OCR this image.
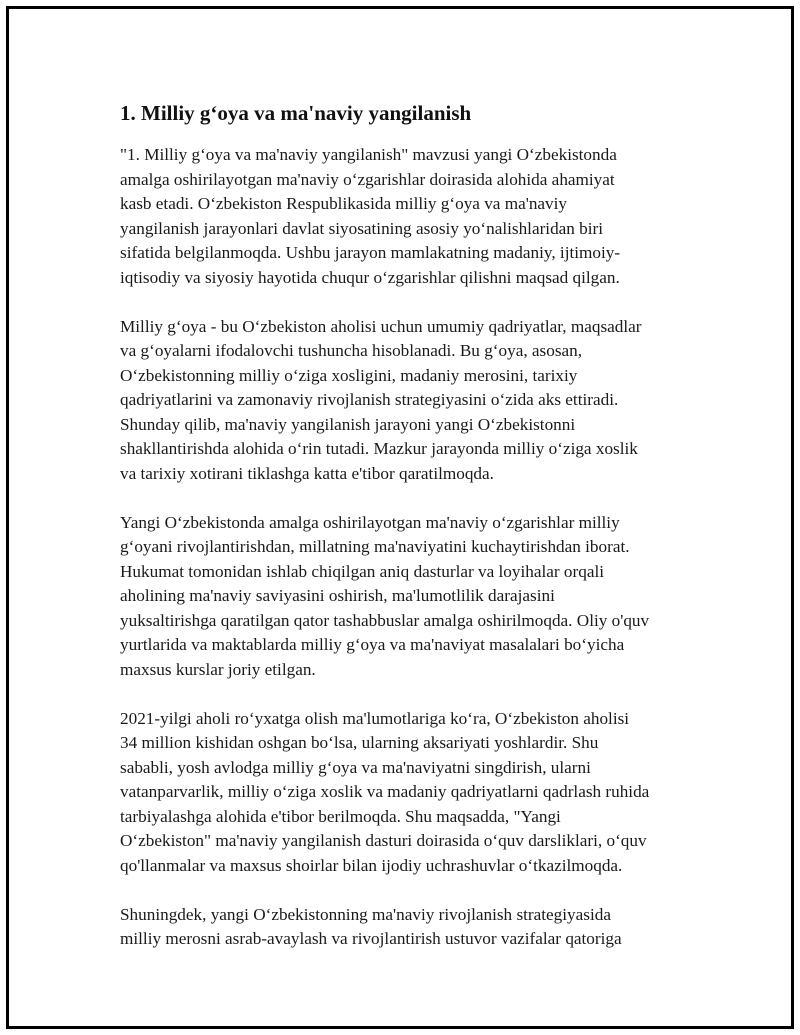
1. Milliy g‘oya va ma'naviy yangilanish

"1. Milliy g‘oya va ma'naviy yangilanish" mavzusi yangi O‘zbekistonda
amalga oshirilayotgan ma'naviy o‘zgarishlar doirasida alohida ahamiyat
kasb etadi. O‘zbekiston Respublikasida milliy g‘oya va ma'naviy
yangilanish jarayonlari davlat siyosatining asosiy yo‘nalishlaridan biri
sifatida belgilanmoqda. Ushbu jarayon mamlakatning madaniy, ijtimoiy-
iqtisodiy va siyosiy hayotida chuqur o‘zgarishlar qilishni maqsad qilgan.

Milliy g‘oya - bu O‘zbekiston aholisi uchun umumiy qadriyatlar, maqsadlar
va g‘oyalarni ifodalovchi tushuncha hisoblanadi. Bu g‘oya, asosan,
O‘zbekistonning milliy o‘ziga xosligini, madaniy merosini, tarixiy
qadriyatlarini va zamonaviy rivojlanish strategiyasini o‘zida aks ettiradi.
Shunday qilib, ma'naviy yangilanish jarayoni yangi O‘zbekistonni
shakllantirishda alohida o‘rin tutadi. Mazkur jarayonda milliy o‘ziga xoslik
va tarixiy xotirani tiklashga katta e'tibor qaratilmoqda.

Yangi O‘zbekistonda amalga oshirilayotgan ma'naviy o‘zgarishlar milliy
g‘oyani rivojlantirishdan, millatning ma'naviyatini kuchaytirishdan iborat.
Hukumat tomonidan ishlab chiqilgan aniq dasturlar va loyihalar orqali
aholining ma'naviy saviyasini oshirish, ma'lumotlilik darajasini
yuksaltirishga qaratilgan qator tashabbuslar amalga oshirilmoqda. Oliy o'quv
yurtlarida va maktablarda milliy g‘oya va ma'naviyat masalalari bo‘yicha
maxsus kurslar joriy etilgan.

2021-yilgi aholi ro‘yxatga olish ma'lumotlariga ko‘ra, O‘zbekiston aholisi
34 million kishidan oshgan bo‘lsa, ularning aksariyati yoshlardir. Shu
sababli, yosh avlodga milliy g‘oya va ma'naviyatni singdirish, ularni
vatanparvarlik, milliy o‘ziga xoslik va madaniy qadriyatlarni qadrlash ruhida
tarbiyalashga alohida e'tibor berilmoqda. Shu maqsadda, "Yangi
O‘zbekiston" ma'naviy yangilanish dasturi doirasida o‘quv darsliklari, o‘quv
qo'llanmalar va maxsus shoirlar bilan ijodiy uchrashuvlar o‘tkazilmoqda.

Shuningdek, yangi O‘zbekistonning ma'naviy rivojlanish strategiyasida
milliy merosni asrab-avaylash va rivojlantirish ustuvor vazifalar qatoriga
